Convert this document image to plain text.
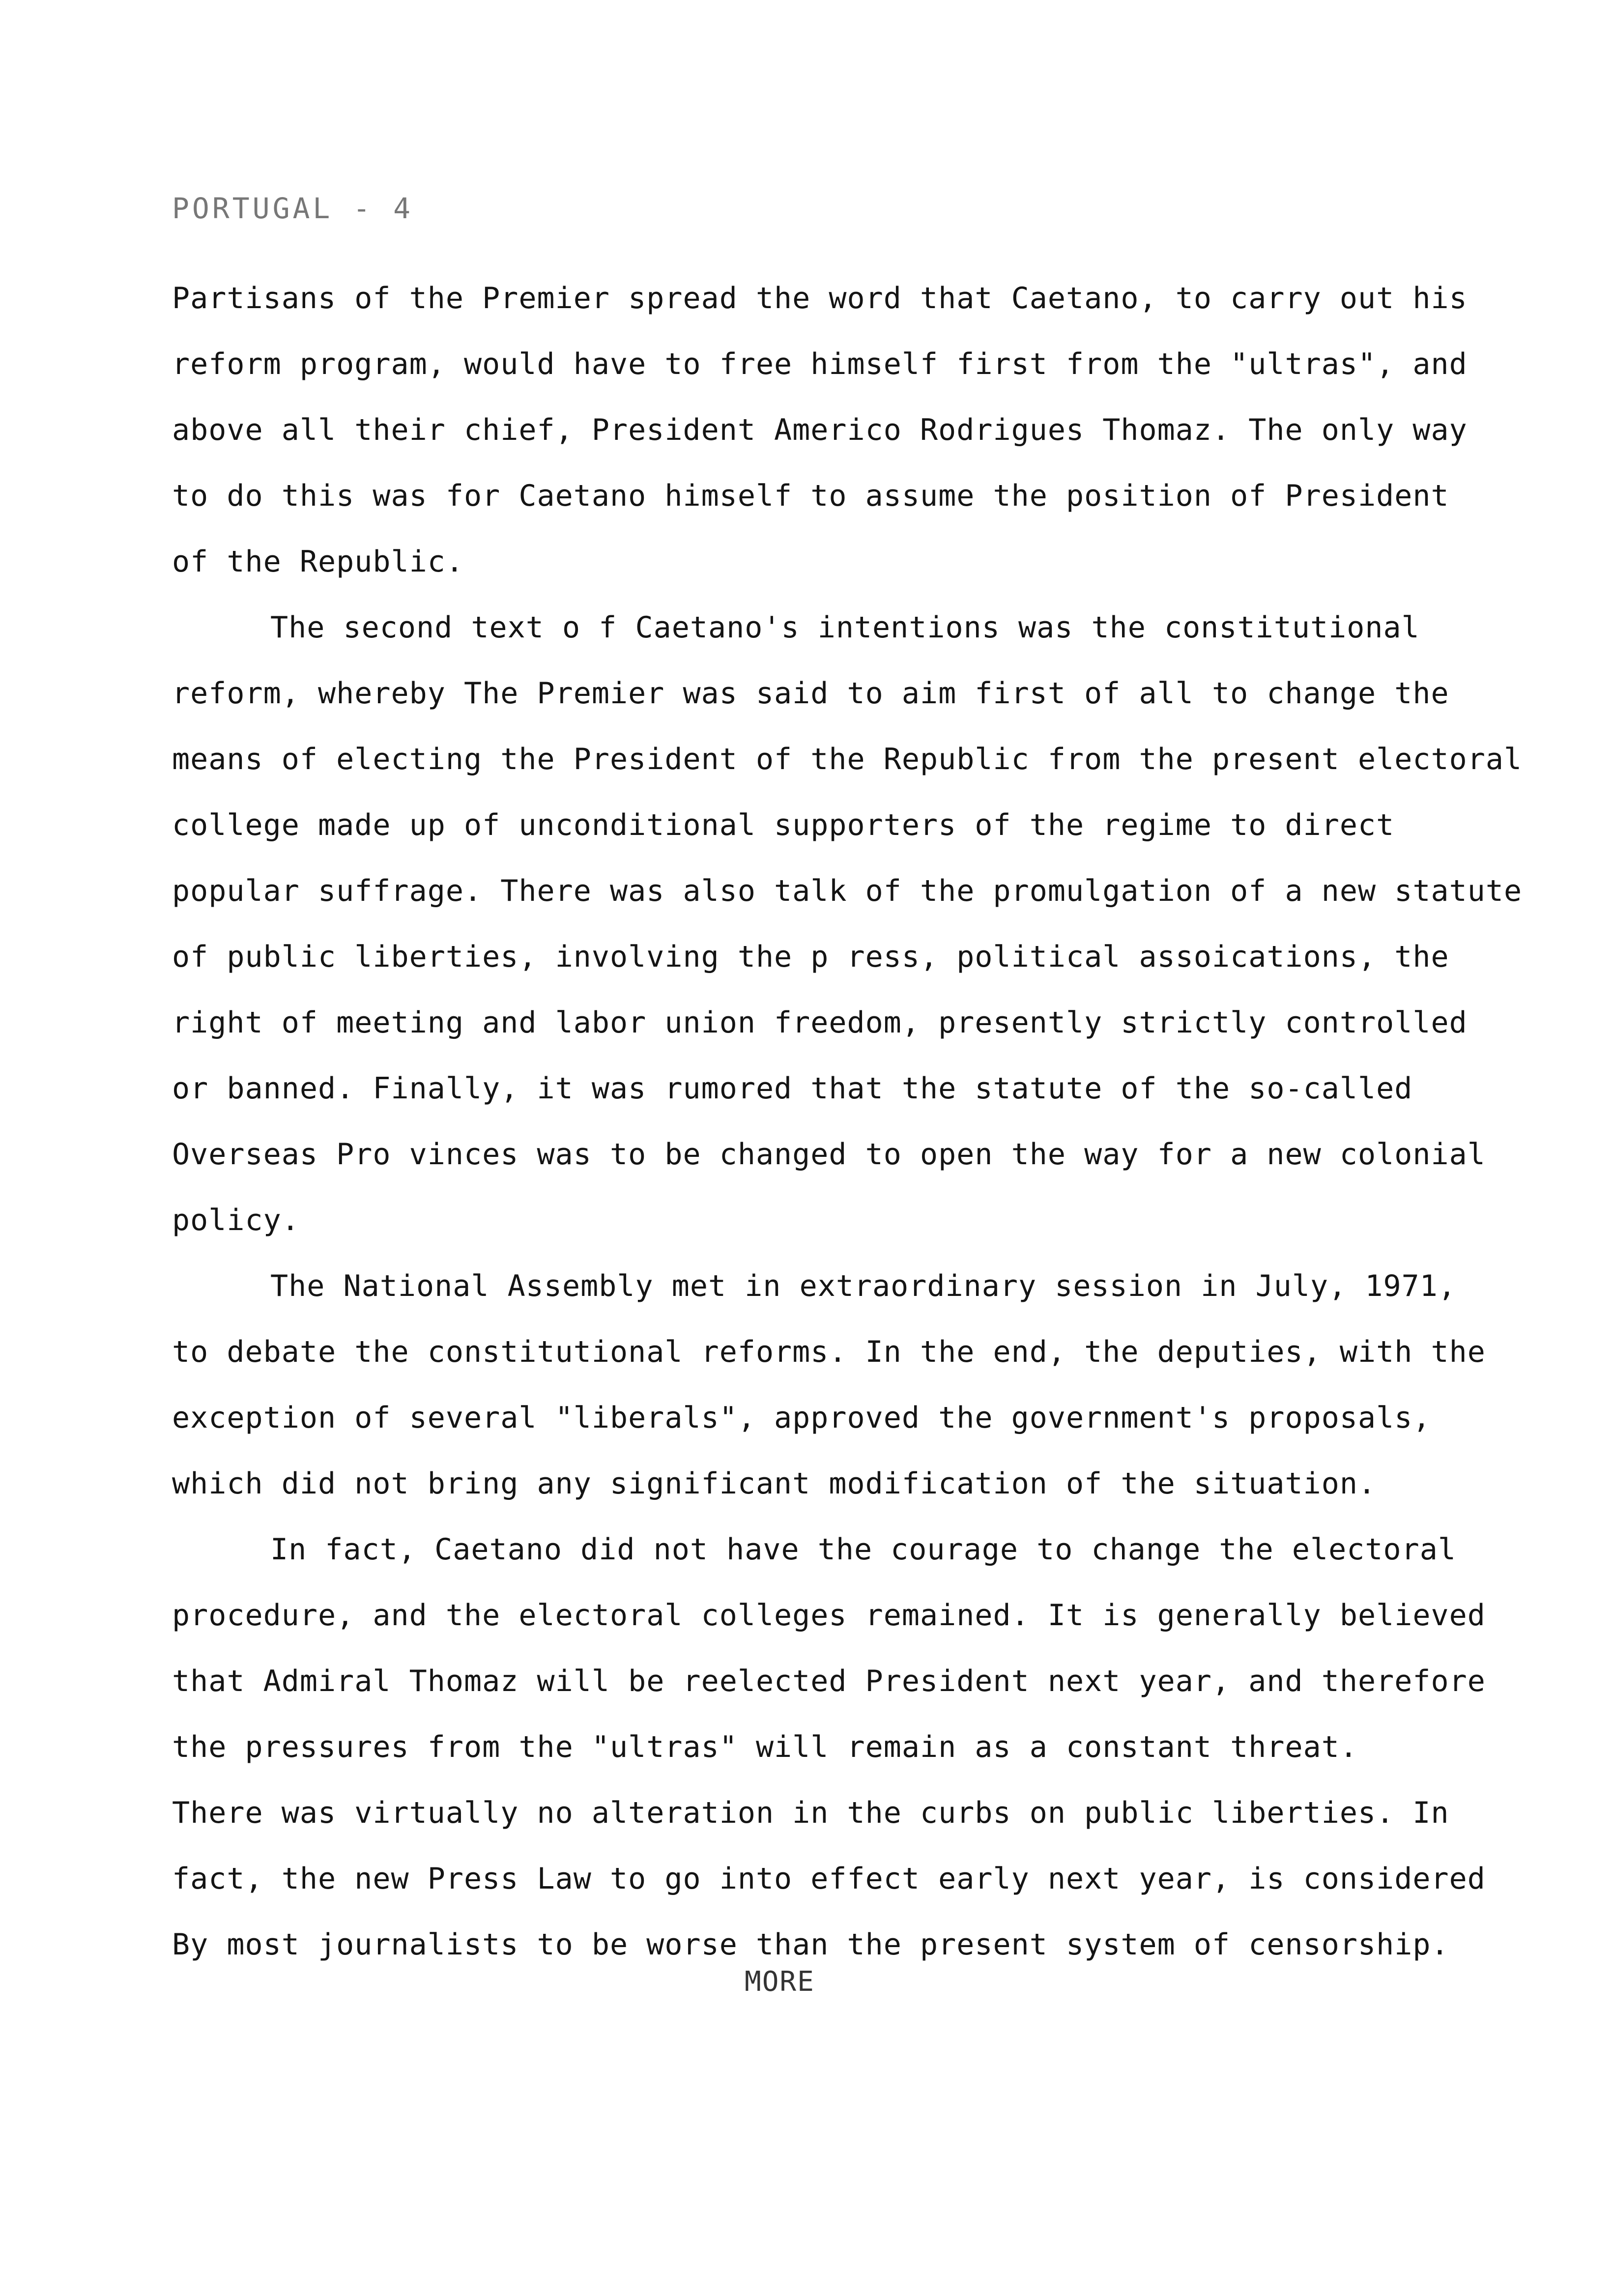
PORTUGAL - 4
Partisans of the Premier spread the word that Caetano, to carry out his
reform program, would have to free himself first from the "ultras", and
above all their chief, President Americo Rodrigues Thomaz. The only way
to do this was for Caetano himself to assume the position of President
of the Republic.
The second text o f Caetano's intentions was the constitutional
reform, whereby The Premier was said to aim first of all to change the
means of electing the President of the Republic from the present electoral
college made up of unconditional supporters of the regime to direct
popular suffrage. There was also talk of the promulgation of a new statute
of public liberties, involving the p ress, political assoications, the
right of meeting and labor union freedom, presently strictly controlled
or banned. Finally, it was rumored that the statute of the so-called
Overseas Pro vinces was to be changed to open the way for a new colonial
policy.
The National Assembly met in extraordinary session in July, 1971,
to debate the constitutional reforms. In the end, the deputies, with the
exception of several "liberals", approved the government's proposals,
which did not bring any significant modification of the situation.
In fact, Caetano did not have the courage to change the electoral
procedure, and the electoral colleges remained. It is generally believed
that Admiral Thomaz will be reelected President next year, and therefore
the pressures from the "ultras" will remain as a constant threat.
There was virtually no alteration in the curbs on public liberties. In
fact, the new Press Law to go into effect early next year, is considered
By most journalists to be worse than the present system of censorship.
MORE
